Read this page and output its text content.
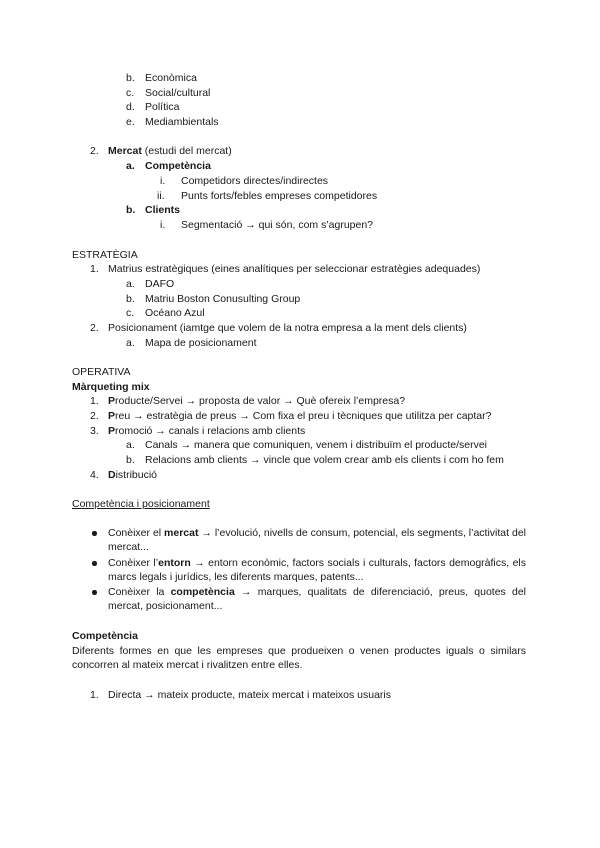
b. Econòmica
c. Social/cultural
d. Política
e. Mediambientals
2. Mercat (estudi del mercat)
a. Competència
i. Competidors directes/indirectes
ii. Punts forts/febles empreses competidores
b. Clients
i. Segmentació → qui són, com s’agrupen?
ESTRATÈGIA
1. Matrius estratègiques (eines analítiques per seleccionar estratègies adequades)
a. DAFO
b. Matriu Boston Conusulting Group
c. Océano Azul
2. Posicionament (iamtge que volem de la notra empresa a la ment dels clients)
a. Mapa de posicionament
OPERATIVA
Màrqueting mix
1. Producte/Servei → proposta de valor → Què ofereix l’empresa?
2. Preu → estratègia de preus → Com fixa el preu i tècniques que utilitza per captar?
3. Promoció → canals i relacions amb clients
a. Canals → manera que comuniquen, venem i distribuïm el producte/servei
b. Relacions amb clients → vincle que volem crear amb els clients i com ho fem
4. Distribució
Competència i posicionament
Conèixer el mercat → l’evolució, nivells de consum, potencial, els segments, l’activitat del mercat...
Conèixer l’entorn → entorn econòmic, factors socials i culturals, factors demogràfics, els marcs legals i jurídics, les diferents marques, patents...
Conèixer la competència → marques, qualitats de diferenciació, preus, quotes del mercat, posicionament...
Competència
Diferents formes en que les empreses que produeixen o venen productes iguals o similars concorren al mateix mercat i rivalitzen entre elles.
1. Directa → mateix producte, mateix mercat i mateixos usuaris
